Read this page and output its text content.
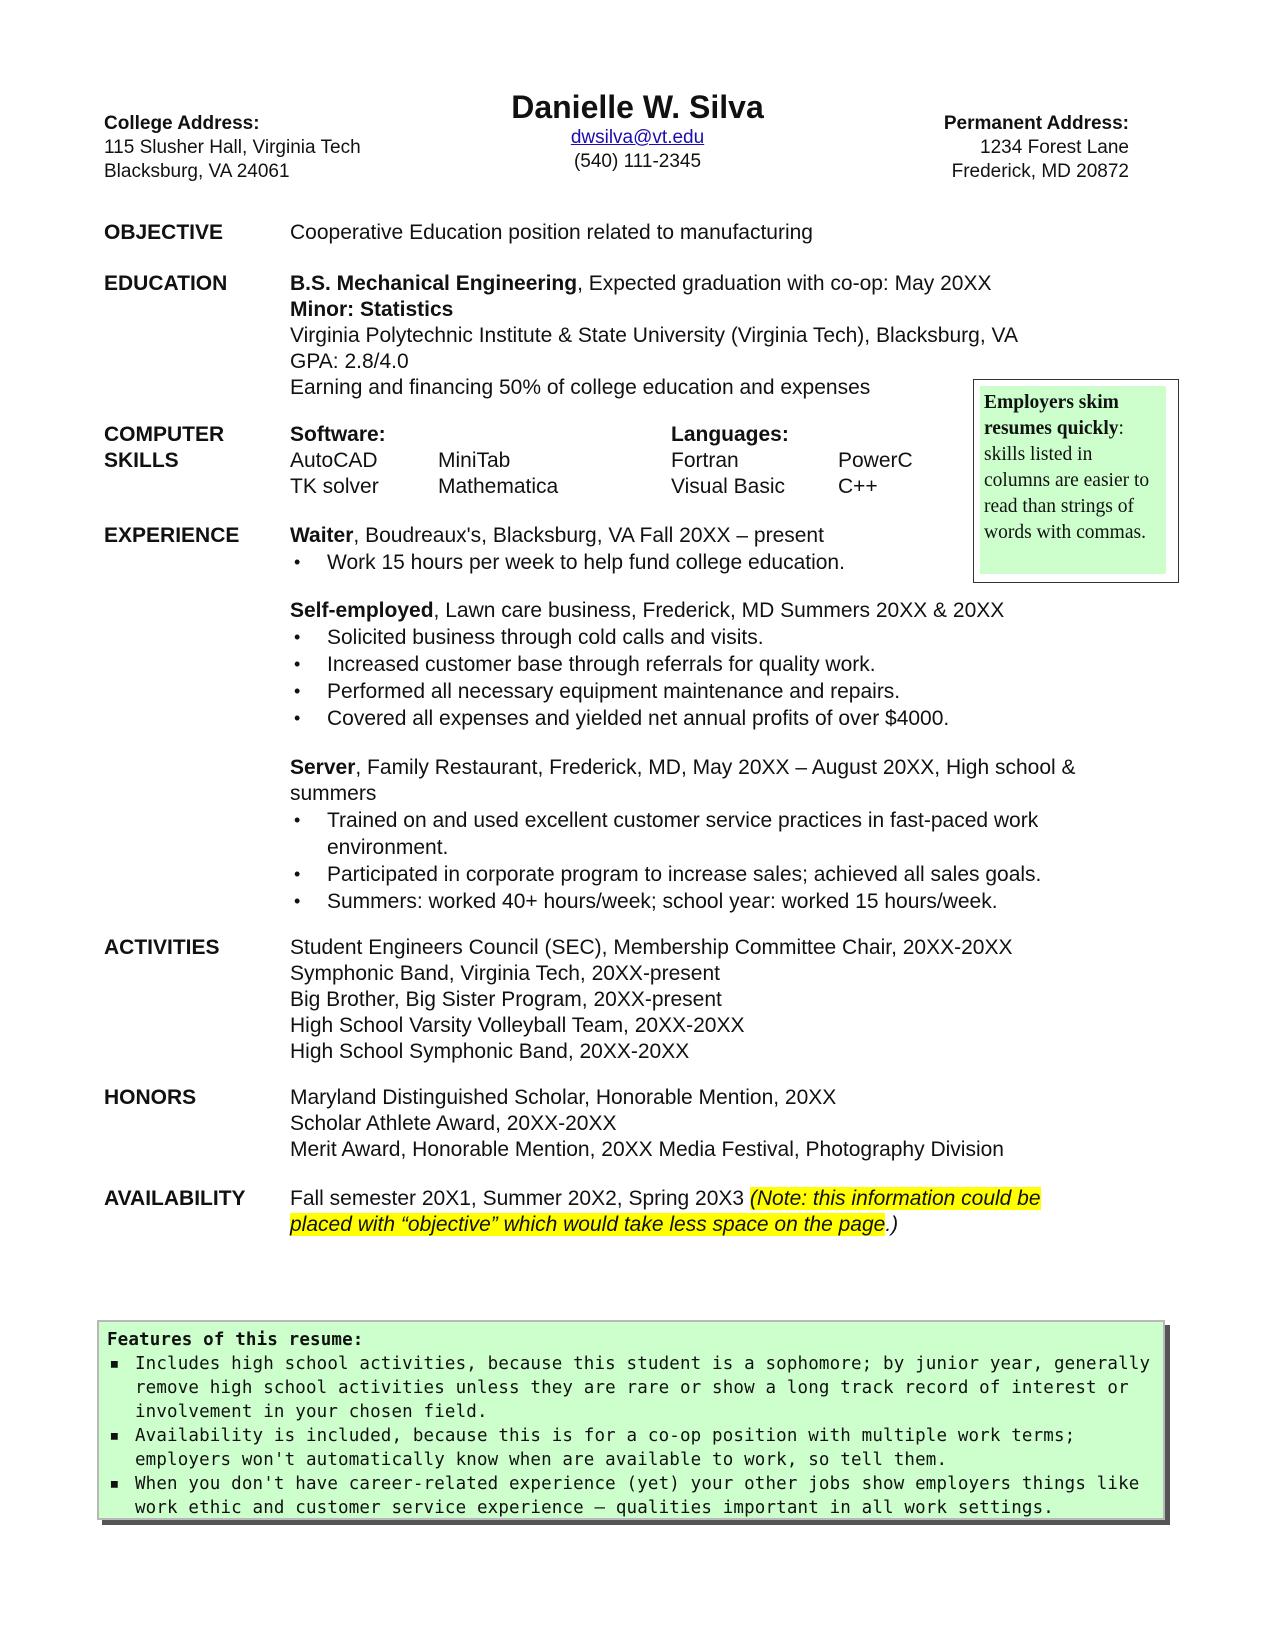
College Address:
115 Slusher Hall, Virginia Tech
Blacksburg, VA 24061
Danielle W. Silva
dwsilva@vt.edu
(540) 111-2345
Permanent Address:
1234 Forest Lane
Frederick, MD 20872
OBJECTIVE	Cooperative Education position related to manufacturing
EDUCATION	B.S. Mechanical Engineering, Expected graduation with co-op: May 20XX
Minor: Statistics
Virginia Polytechnic Institute & State University (Virginia Tech), Blacksburg, VA
GPA: 2.8/4.0
Earning and financing 50% of college education and expenses
COMPUTER
SKILLS
Software:	Languages:
AutoCAD	MiniTab	Fortran	PowerC
TK solver	Mathematica	Visual Basic	C++
Employers skim resumes quickly: skills listed in columns are easier to read than strings of words with commas.
EXPERIENCE Waiter, Boudreaux's, Blacksburg, VA Fall 20XX – present
• Work 15 hours per week to help fund college education.
Self-employed, Lawn care business, Frederick, MD Summers 20XX & 20XX
• Solicited business through cold calls and visits.
• Increased customer base through referrals for quality work.
• Performed all necessary equipment maintenance and repairs.
• Covered all expenses and yielded net annual profits of over $4000.
Server, Family Restaurant, Frederick, MD, May 20XX – August 20XX, High school & summers
• Trained on and used excellent customer service practices in fast-paced work environment.
• Participated in corporate program to increase sales; achieved all sales goals.
• Summers: worked 40+ hours/week; school year: worked 15 hours/week.
ACTIVITIES	Student Engineers Council (SEC), Membership Committee Chair, 20XX-20XX
Symphonic Band, Virginia Tech, 20XX-present
Big Brother, Big Sister Program, 20XX-present
High School Varsity Volleyball Team, 20XX-20XX
High School Symphonic Band, 20XX-20XX
HONORS	Maryland Distinguished Scholar, Honorable Mention, 20XX
Scholar Athlete Award, 20XX-20XX
Merit Award, Honorable Mention, 20XX Media Festival, Photography Division
AVAILABILITY Fall semester 20X1, Summer 20X2, Spring 20X3 (Note: this information could be placed with “objective” which would take less space on the page.)
Features of this resume:
▪ Includes high school activities, because this student is a sophomore; by junior year, generally remove high school activities unless they are rare or show a long track record of interest or involvement in your chosen field.
▪ Availability is included, because this is for a co-op position with multiple work terms; employers won't automatically know when are available to work, so tell them.
▪ When you don't have career-related experience (yet) your other jobs show employers things like work ethic and customer service experience – qualities important in all work settings.
